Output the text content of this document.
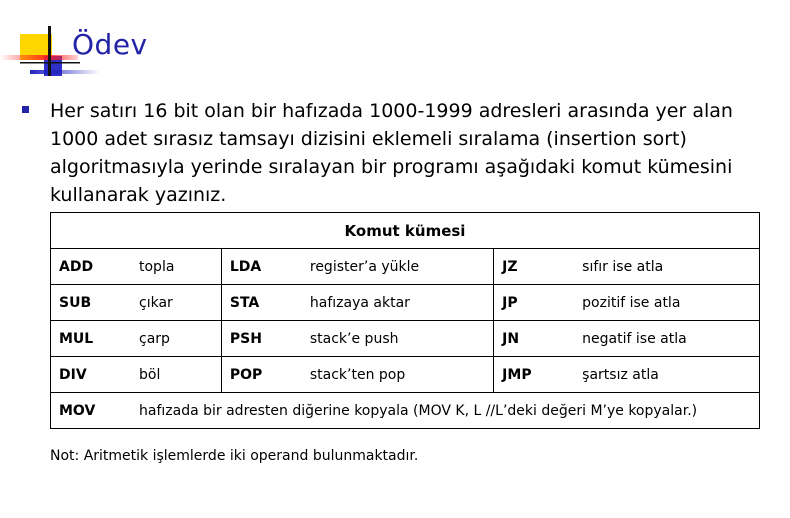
Ödev
Her satırı 16 bit olan bir hafızada 1000-1999 adresleri arasında yer alan 1000 adet sırasız tamsayı dizisini eklemeli sıralama (insertion sort) algoritmasıyla yerinde sıralayan bir programı aşağıdaki komut kümesini kullanarak yazınız.
Komut kümesi		

ADD topla	LDA register’a yükle	JZ sıfır ise atla

SUB çıkar	STA hafızaya aktar	JP pozitif ise atla

MUL çarp	PSH stack’e push	JN negatif ise atla

DIV böl	POP stack’ten pop	JMP şartsız atla

MOV hafızada bir adresten diğerine kopyala (MOV K, L //L’deki değeri M’ye kopyalar.)		
Not: Aritmetik işlemlerde iki operand bulunmaktadır.
